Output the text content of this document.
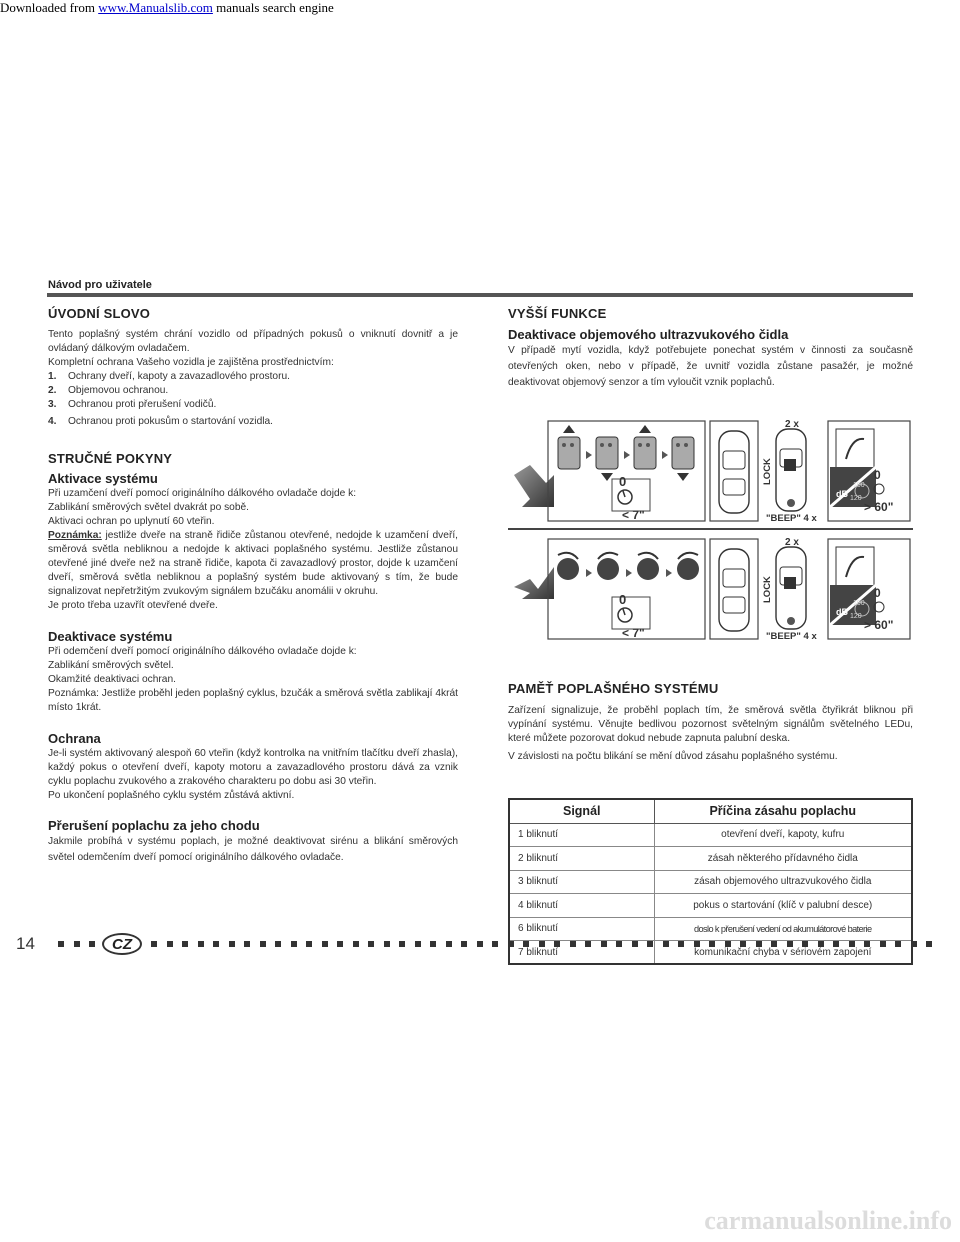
Downloaded from www.Manualslib.com manuals search engine
Návod pro uživatele
ÚVODNÍ SLOVO

Tento poplašný systém chrání vozidlo od případných pokusů o vniknutí dovnitř a je ovládaný dálkovým ovladačem.

Kompletní ochrana Vašeho vozidla je zajištěna prostřednictvím:

1. Ochrany dveří, kapoty a zavazadlového prostoru.
2. Objemovou ochranou.
3. Ochranou proti přerušení vodičů.
4. Ochranou proti pokusům o startování vozidla.
STRUČNÉ POKYNY
Aktivace systému

Při uzamčení dveří pomocí originálního dálkového ovladače dojde k:

Zablikání směrových světel dvakrát po sobě.

Aktivaci ochran po uplynutí 60 vteřin.

Poznámka: jestliže dveře na straně řidiče zůstanou otevřené, nedojde k uzamčení dveří, směrová světla nebliknou a nedojde k aktivaci poplašného systému. Jestliže zůstanou otevřené jiné dveře než na straně řidiče, kapota či zavazadlový prostor, dojde k uzamčení dveří, směrová světla nebliknou a poplašný systém bude aktivovaný s tím, že bude signalizovat nepřetržitým zvukovým signálem bzučáku anomálii v okruhu.

Je proto třeba uzavřít otevřené dveře.

Deaktivace systému

Při odemčení dveří pomocí originálního dálkového ovladače dojde k:

Zablikání směrových světel.

Okamžité deaktivaci ochran.

Poznámka: Jestliže proběhl jeden poplašný cyklus, bzučák a směrová světla zablikají 4krát místo 1krát.

Ochrana

Je-li systém aktivovaný alespoň 60 vteřin (když kontrolka na vnitřním tlačítku dveří zhasla), každý pokus o otevření dveří, kapoty motoru a zavazadlového prostoru dává za vznik cyklu poplachu zvukového a zrakového charakteru po dobu asi 30 vteřin.

Po ukončení poplašného cyklu systém zůstává aktivní.

Přerušení poplachu za jeho chodu

Jakmile probíhá v systému poplach, je možné deaktivovat sirénu a blikání směrových světel odemčením dveří pomocí originálního dálkového ovladače.

VYŠŠÍ FUNKCE
Deaktivace objemového ultrazvukového čidla

V případě mytí vozidla, když potřebujete ponechat systém v činnosti za současně otevřených oken, nebo v případě, že uvnitř vozidla zůstane pasažér, je možné deaktivovat objemový senzor a tím vyloučit vznik poplachů.

0
< 7"
2 x
LOCK
"BEEP" 4 x
dB
100
120
0
> 60"
0
< 7"
2 x
LOCK
"BEEP" 4 x
dB
100
120
0
> 60"
PAMĚŤ POPLAŠNÉHO SYSTÉMU

Zařízení signalizuje, že proběhl poplach tím, že směrová světla čtyřikrát bliknou při vypínání systému. Věnujte bedlivou pozornost světelným signálům světelného LEDu, které můžete pozorovat dokud nebude zapnuta palubní deska.

V závislosti na počtu blikání se mění důvod zásahu poplašného systému.

Signál	Příčina zásahu poplachu
1 bliknutí	otevření dveří, kapoty, kufru
2 bliknutí	zásah některého přídavného čidla
3 bliknutí	zásah objemového ultrazvukového čidla
4 bliknutí	pokus o startování (klíč v palubní desce)
6 bliknutí	doslo k přerušení vedení od akumulátorové baterie
7 bliknutí	komunikační chyba v sériovém zapojení
14	CZ
carmanualsonline.info
